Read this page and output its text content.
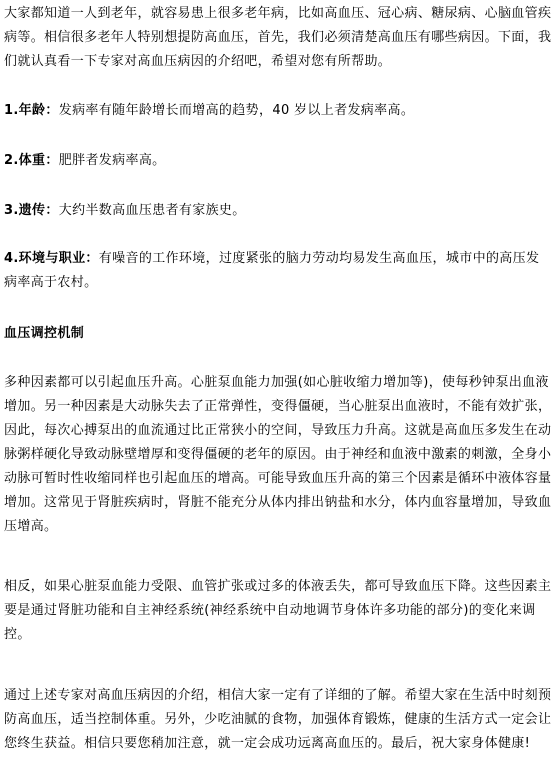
大家都知道一人到老年，就容易患上很多老年病，比如高血压、冠心病、糖尿病、心脑血管疾病等。相信很多老年人特别想提防高血压，首先，我们必须清楚高血压有哪些病因。下面，我们就认真看一下专家对高血压病因的介绍吧，希望对您有所帮助。

1.年龄：发病率有随年龄增长而增高的趋势，40 岁以上者发病率高。

2.体重：肥胖者发病率高。

3.遗传：大约半数高血压患者有家族史。

4.环境与职业：有噪音的工作环境，过度紧张的脑力劳动均易发生高血压，城市中的高压发病率高于农村。

血压调控机制

多种因素都可以引起血压升高。心脏泵血能力加强(如心脏收缩力增加等)，使每秒钟泵出血液增加。另一种因素是大动脉失去了正常弹性，变得僵硬，当心脏泵出血液时，不能有效扩张，因此，每次心搏泵出的血流通过比正常狭小的空间，导致压力升高。这就是高血压多发生在动脉粥样硬化导致动脉壁增厚和变得僵硬的老年的原因。由于神经和血液中激素的刺激，全身小动脉可暂时性收缩同样也引起血压的增高。可能导致血压升高的第三个因素是循环中液体容量增加。这常见于肾脏疾病时，肾脏不能充分从体内排出钠盐和水分，体内血容量增加，导致血压增高。

相反，如果心脏泵血能力受限、血管扩张或过多的体液丢失，都可导致血压下降。这些因素主要是通过肾脏功能和自主神经系统(神经系统中自动地调节身体许多功能的部分)的变化来调控。

通过上述专家对高血压病因的介绍，相信大家一定有了详细的了解。希望大家在生活中时刻预防高血压，适当控制体重。另外，少吃油腻的食物，加强体育锻炼，健康的生活方式一定会让您终生获益。相信只要您稍加注意，就一定会成功远离高血压的。最后，祝大家身体健康!
